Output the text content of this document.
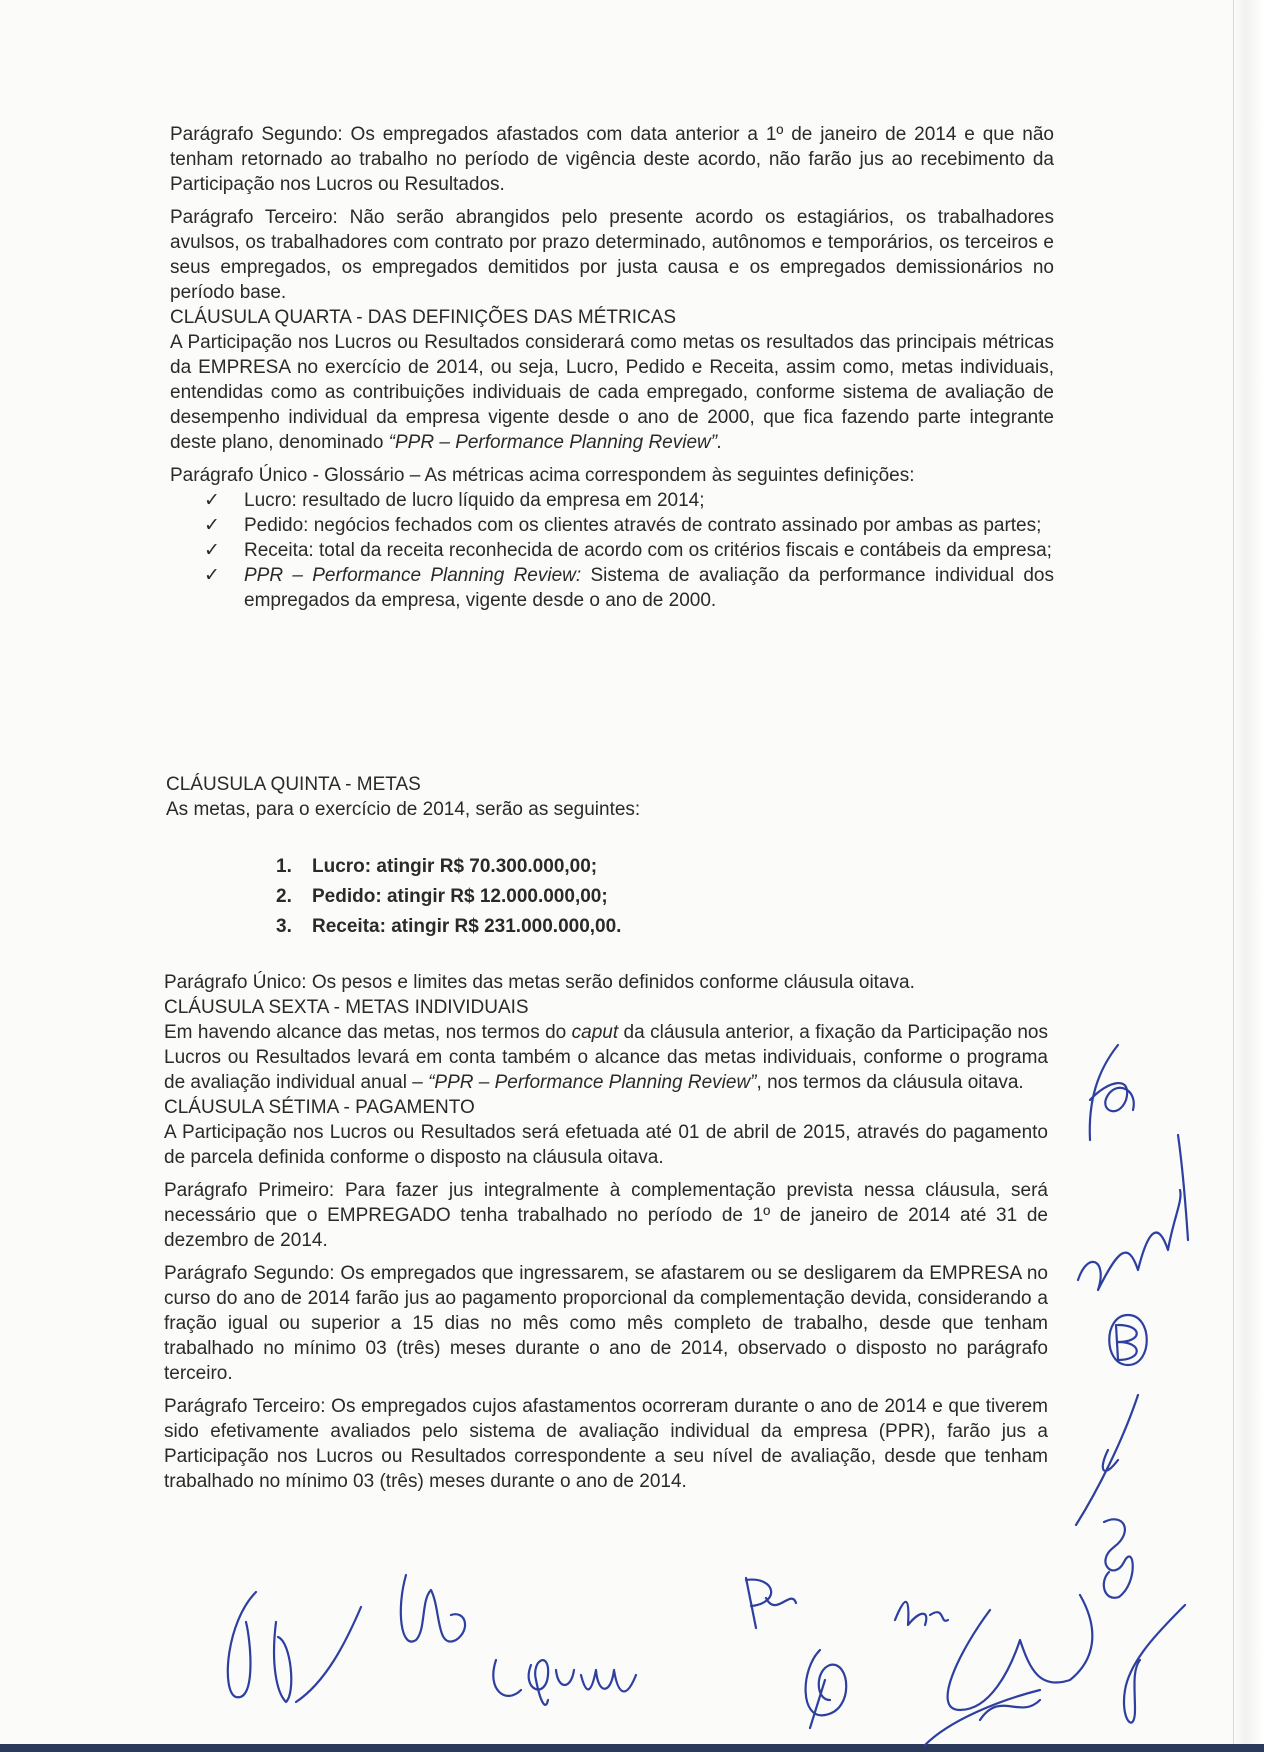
Parágrafo Segundo: Os empregados afastados com data anterior a 1º de janeiro de 2014 e que não tenham retornado ao trabalho no período de vigência deste acordo, não farão jus ao recebimento da Participação nos Lucros ou Resultados.

Parágrafo Terceiro: Não serão abrangidos pelo presente acordo os estagiários, os trabalhadores avulsos, os trabalhadores com contrato por prazo determinado, autônomos e temporários, os terceiros e seus empregados, os empregados demitidos por justa causa e os empregados demissionários no período base.

CLÁUSULA QUARTA - DAS DEFINIÇÕES DAS MÉTRICAS

A Participação nos Lucros ou Resultados considerará como metas os resultados das principais métricas da EMPRESA no exercício de 2014, ou seja, Lucro, Pedido e Receita, assim como, metas individuais, entendidas como as contribuições individuais de cada empregado, conforme sistema de avaliação de desempenho individual da empresa vigente desde o ano de 2000, que fica fazendo parte integrante deste plano, denominado “PPR – Performance Planning Review”.

Parágrafo Único - Glossário – As métricas acima correspondem às seguintes definições:

✓ Lucro: resultado de lucro líquido da empresa em 2014;
✓ Pedido: negócios fechados com os clientes através de contrato assinado por ambas as partes;
✓ Receita: total da receita reconhecida de acordo com os critérios fiscais e contábeis da empresa;
✓ PPR – Performance Planning Review: Sistema de avaliação da performance individual dos empregados da empresa, vigente desde o ano de 2000.

CLÁUSULA QUINTA - METAS

As metas, para o exercício de 2014, serão as seguintes:

1. Lucro: atingir R$ 70.300.000,00;
2. Pedido: atingir R$ 12.000.000,00;
3. Receita: atingir R$ 231.000.000,00.

Parágrafo Único: Os pesos e limites das metas serão definidos conforme cláusula oitava.

CLÁUSULA SEXTA - METAS INDIVIDUAIS

Em havendo alcance das metas, nos termos do caput da cláusula anterior, a fixação da Participação nos Lucros ou Resultados levará em conta também o alcance das metas individuais, conforme o programa de avaliação individual anual – “PPR – Performance Planning Review”, nos termos da cláusula oitava.

CLÁUSULA SÉTIMA - PAGAMENTO

A Participação nos Lucros ou Resultados será efetuada até 01 de abril de 2015, através do pagamento de parcela definida conforme o disposto na cláusula oitava.

Parágrafo Primeiro: Para fazer jus integralmente à complementação prevista nessa cláusula, será necessário que o EMPREGADO tenha trabalhado no período de 1º de janeiro de 2014 até 31 de dezembro de 2014.

Parágrafo Segundo: Os empregados que ingressarem, se afastarem ou se desligarem da EMPRESA no curso do ano de 2014 farão jus ao pagamento proporcional da complementação devida, considerando a fração igual ou superior a 15 dias no mês como mês completo de trabalho, desde que tenham trabalhado no mínimo 03 (três) meses durante o ano de 2014, observado o disposto no parágrafo terceiro.

Parágrafo Terceiro: Os empregados cujos afastamentos ocorreram durante o ano de 2014 e que tiverem sido efetivamente avaliados pelo sistema de avaliação individual da empresa (PPR), farão jus a Participação nos Lucros ou Resultados correspondente a seu nível de avaliação, desde que tenham trabalhado no mínimo 03 (três) meses durante o ano de 2014.
